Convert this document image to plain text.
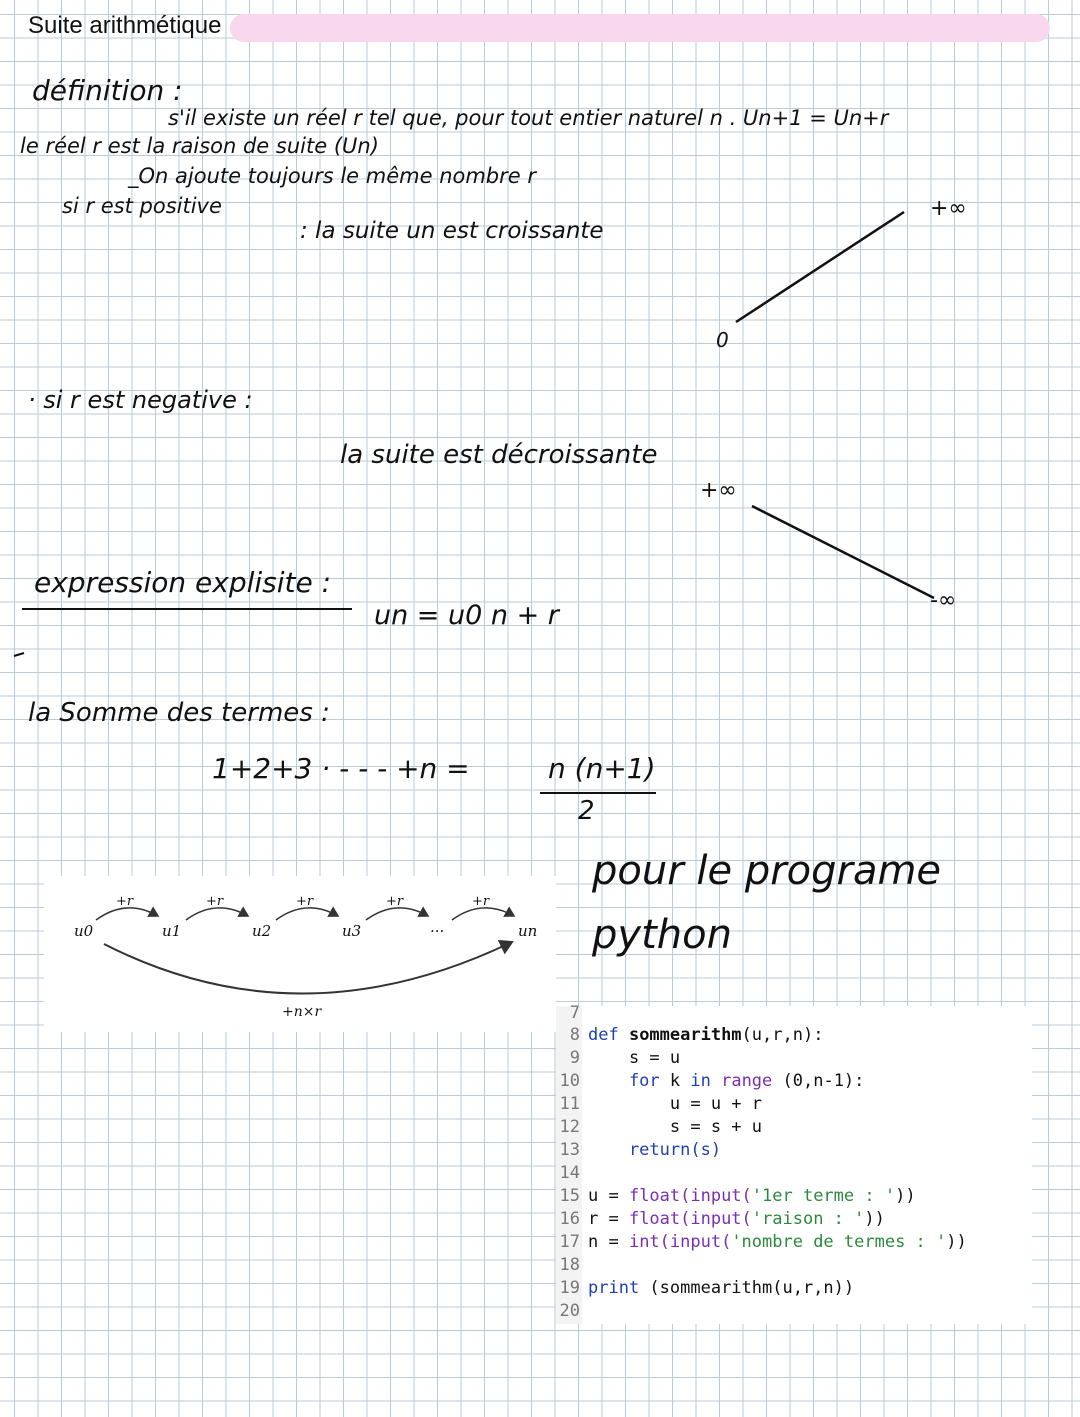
Suite arithmétique
définition :
s'il existe un réel r tel que, pour tout entier naturel n . Un+1 = Un+r
le réel r est la raison de suite (Un)
_On ajoute toujours le même nombre r
si r est positive
: la suite un est croissante
0
+∞
· si r est negative :
la suite est décroissante
+∞
-∞
expression explisite :
un = u0 n + r
la Somme des termes :
1+2+3 · - - - +n =	n (n+1)
2
u0	u1	u2	u3	...	un
+r	+r	+r	+r	+r
+n×r
pour le programe
python
7
8 def sommearithm(u,r,n):
9    s = u
10    for k in range (0,n-1):
11        u = u + r
12        s = s + u
13    return(s)
14
15 u = float(input('1er terme : '))
16 r = float(input('raison : '))
17 n = int(input('nombre de termes : '))
18
19 print (sommearithm(u,r,n))
20
